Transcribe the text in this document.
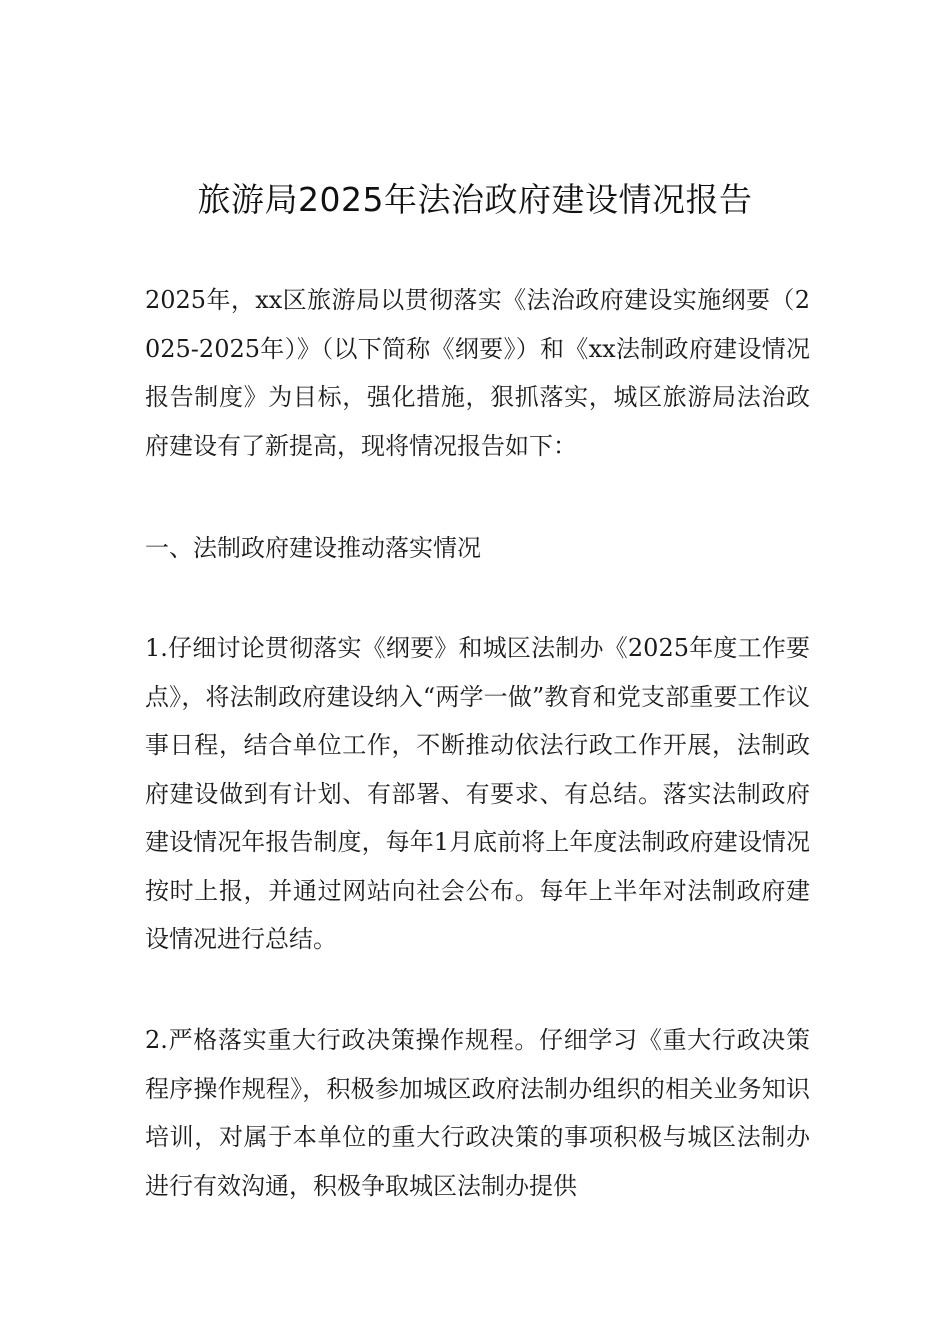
旅游局2025年法治政府建设情况报告

2025年，xx区旅游局以贯彻落实《法治政府建设实施纲要（2025-2025年）》（以下简称《纲要》）和《xx法制政府建设情况报告制度》为目标，强化措施，狠抓落实，城区旅游局法治政府建设有了新提高，现将情况报告如下：

一、法制政府建设推动落实情况

1.仔细讨论贯彻落实《纲要》和城区法制办《2025年度工作要点》，将法制政府建设纳入“两学一做”教育和党支部重要工作议事日程，结合单位工作，不断推动依法行政工作开展，法制政府建设做到有计划、有部署、有要求、有总结。落实法制政府建设情况年报告制度，每年1月底前将上年度法制政府建设情况按时上报，并通过网站向社会公布。每年上半年对法制政府建设情况进行总结。

2.严格落实重大行政决策操作规程。仔细学习《重大行政决策程序操作规程》，积极参加城区政府法制办组织的相关业务知识培训，对属于本单位的重大行政决策的事项积极与城区法制办进行有效沟通，积极争取城区法制办提供
